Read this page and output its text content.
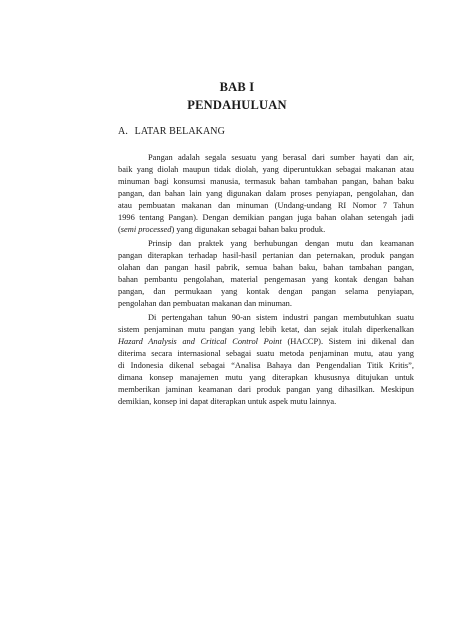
BAB I
PENDAHULUAN
A. LATAR BELAKANG
Pangan adalah segala sesuatu yang berasal dari sumber hayati dan air,
baik yang diolah maupun tidak diolah, yang diperuntukkan sebagai makanan atau
minuman bagi konsumsi manusia, termasuk bahan tambahan pangan, bahan baku
pangan, dan bahan lain yang digunakan dalam proses penyiapan, pengolahan, dan
atau pembuatan makanan dan minuman (Undang-undang RI Nomor 7 Tahun
1996 tentang Pangan). Dengan demikian pangan juga bahan olahan setengah jadi
(semi processed) yang digunakan sebagai bahan baku produk.
Prinsip dan praktek yang berhubungan dengan mutu dan keamanan
pangan diterapkan terhadap hasil-hasil pertanian dan peternakan, produk pangan
olahan dan pangan hasil pabrik, semua bahan baku, bahan tambahan pangan,
bahan pembantu pengolahan, material pengemasan yang kontak dengan bahan
pangan, dan permukaan yang kontak dengan pangan selama penyiapan,
pengolahan dan pembuatan makanan dan minuman.
Di pertengahan tahun 90-an sistem industri pangan membutuhkan suatu
sistem penjaminan mutu pangan yang lebih ketat, dan sejak itulah diperkenalkan
Hazard Analysis and Critical Control Point (HACCP). Sistem ini dikenal dan
diterima secara internasional sebagai suatu metoda penjaminan mutu, atau yang
di Indonesia dikenal sebagai “Analisa Bahaya dan Pengendalian Titik Kritis”,
dimana konsep manajemen mutu yang diterapkan khususnya ditujukan untuk
memberikan jaminan keamanan dari produk pangan yang dihasilkan. Meskipun
demikian, konsep ini dapat diterapkan untuk aspek mutu lainnya.
